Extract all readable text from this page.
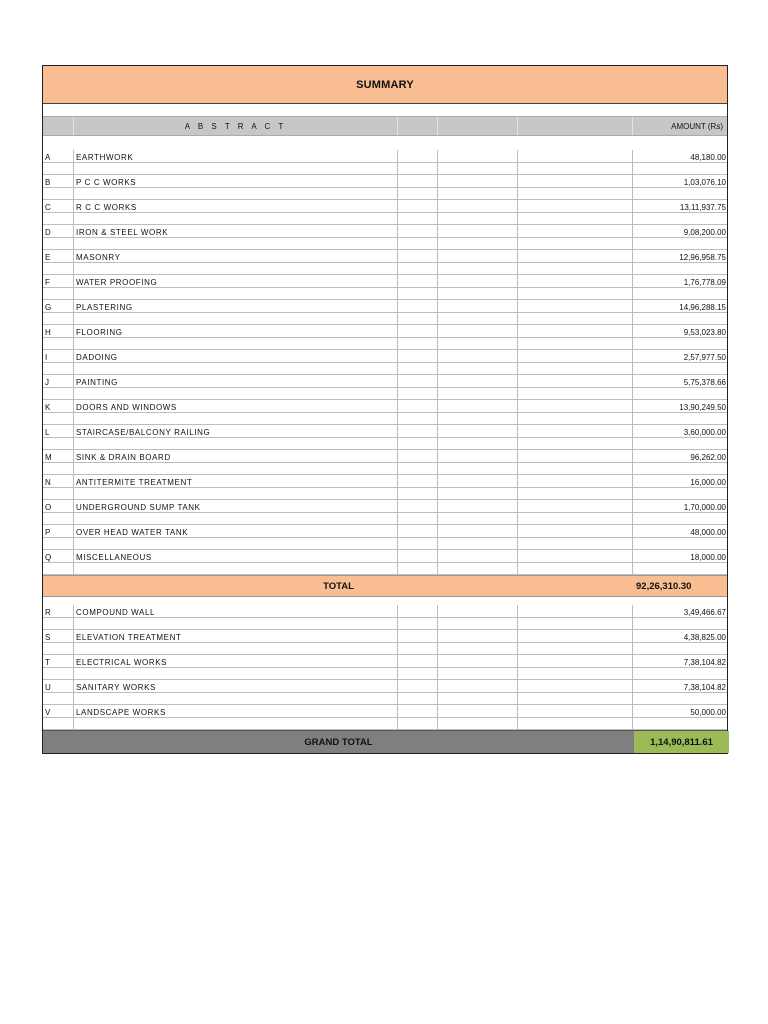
SUMMARY
A B S T R A C T	AMOUNT (Rs)
A	EARTHWORK	48,180.00
B	P C C WORKS	1,03,076.10
C	R C C WORKS	13,11,937.75
D	IRON & STEEL WORK	9,08,200.00
E	MASONRY	12,96,958.75
F	WATER PROOFING	1,76,778.09
G	PLASTERING	14,96,288.15
H	FLOORING	9,53,023.80
I	DADOING	2,57,977.50
J	PAINTING	5,75,378.66
K	DOORS AND WINDOWS	13,90,249.50
L	STAIRCASE/BALCONY RAILING	3,60,000.00
M	SINK & DRAIN BOARD	96,262.00
N	ANTITERMITE TREATMENT	16,000.00
O	UNDERGROUND SUMP TANK	1,70,000.00
P	OVER HEAD WATER TANK	48,000.00
Q	MISCELLANEOUS	18,000.00
TOTAL	92,26,310.30
R	COMPOUND WALL	3,49,466.67
S	ELEVATION TREATMENT	4,38,825.00
T	ELECTRICAL WORKS	7,38,104.82
U	SANITARY WORKS	7,38,104.82
V	LANDSCAPE WORKS	50,000.00
GRAND TOTAL	1,14,90,811.61
